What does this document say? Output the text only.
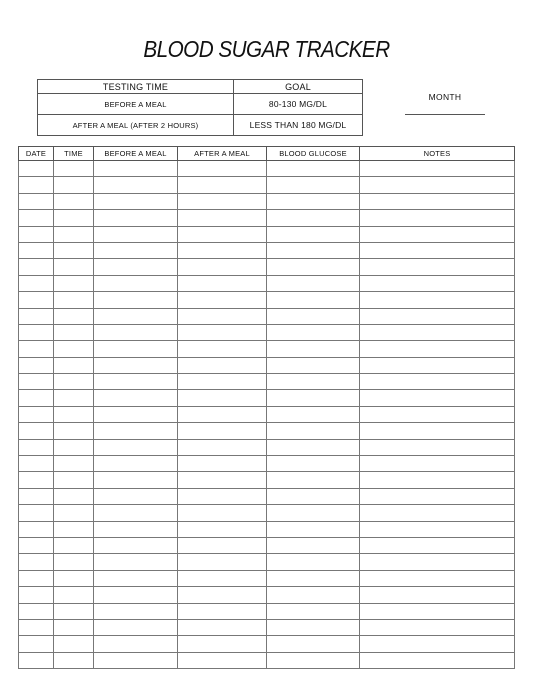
BLOOD SUGAR TRACKER
TESTING TIME	GOAL
BEFORE A MEAL	80-130 MG/DL
AFTER A MEAL (AFTER 2 HOURS)	LESS THAN 180 MG/DL
MONTH
DATE	TIME	BEFORE A MEAL	AFTER A MEAL	BLOOD GLUCOSE	NOTES
